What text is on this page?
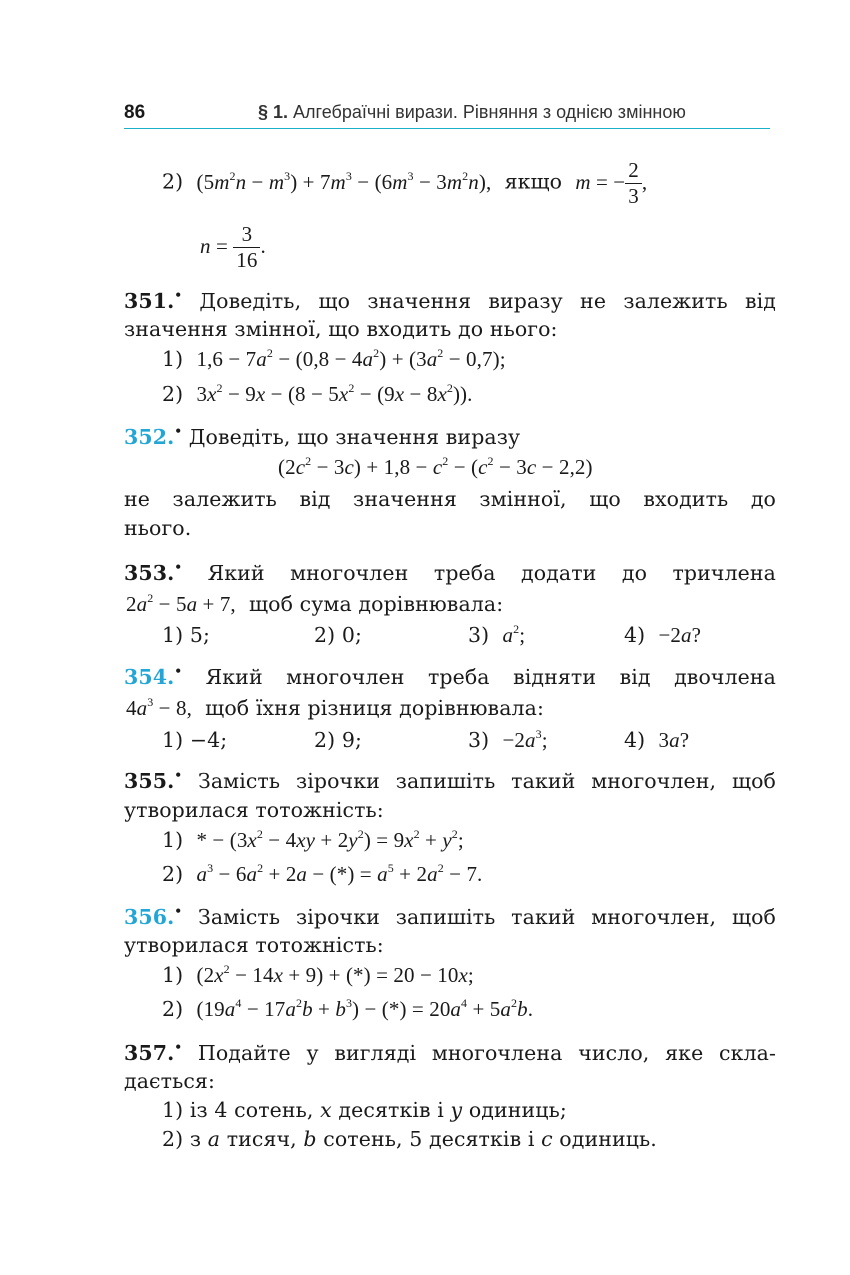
86	§ 1. Алгебраїчні вирази. Рівняння з однією змінною
2) $(5m^2n - m^3) + 7m^3 - (6m^3 - 3m^2n)$, якщо m = − $\frac{2}{3}$ ,
$n = \frac{3}{16}$ .
351.• Доведіть, що значення виразу не залежить від
значення змінної, що входить до нього:
1) $1,6 - 7a^2 - (0,8 - 4a^2) + (3a^2 - 0,7)$;
2) $3x^2 - 9x - (8 - 5x^2 - (9x - 8x^2))$.
352.• Доведіть, що значення виразу
$(2c^2 - 3c) + 1,8 - c^2 - (c^2 - 3c - 2,2)$
не залежить від значення змінної, що входить до
нього.
353.• Який многочлен треба додати до тричлена
$2a^2 - 5a + 7$, щоб сума дорівнювала:
1) 5;	2) 0;	3) $a^2$;	4) −2a?
354.• Який многочлен треба відняти від двочлена
$4a^3 - 8$, щоб їхня різниця дорівнювала:
1) −4;	2) 9;	$3) -2a^3$;	4) 3a?
355.• Замість зірочки запишіть такий многочлен, щоб
утворилася тотожність:
1) * − $(3x^2 - 4xy + 2y^2) = 9x^2 + y^2$;
2) $a^3 - 6a^2 + 2a$ − (*) = $a^5 + 2a^2 - 7$.
356.• Замість зірочки запишіть такий многочлен, щоб
утворилася тотожність:
1) $(2x^2 - 14x + 9)$ + (*) = 20 − 10x;
2) $(19a^4 - 17a^2b + b^3)$ − (*) = $20a^4 + 5a^2b$.
357.• Подайте у вигляді многочлена число, яке скла-
дається:
1) із 4 сотень, x десятків і y одиниць;
2) з a тисяч, b сотень, 5 десятків і c одиниць.
